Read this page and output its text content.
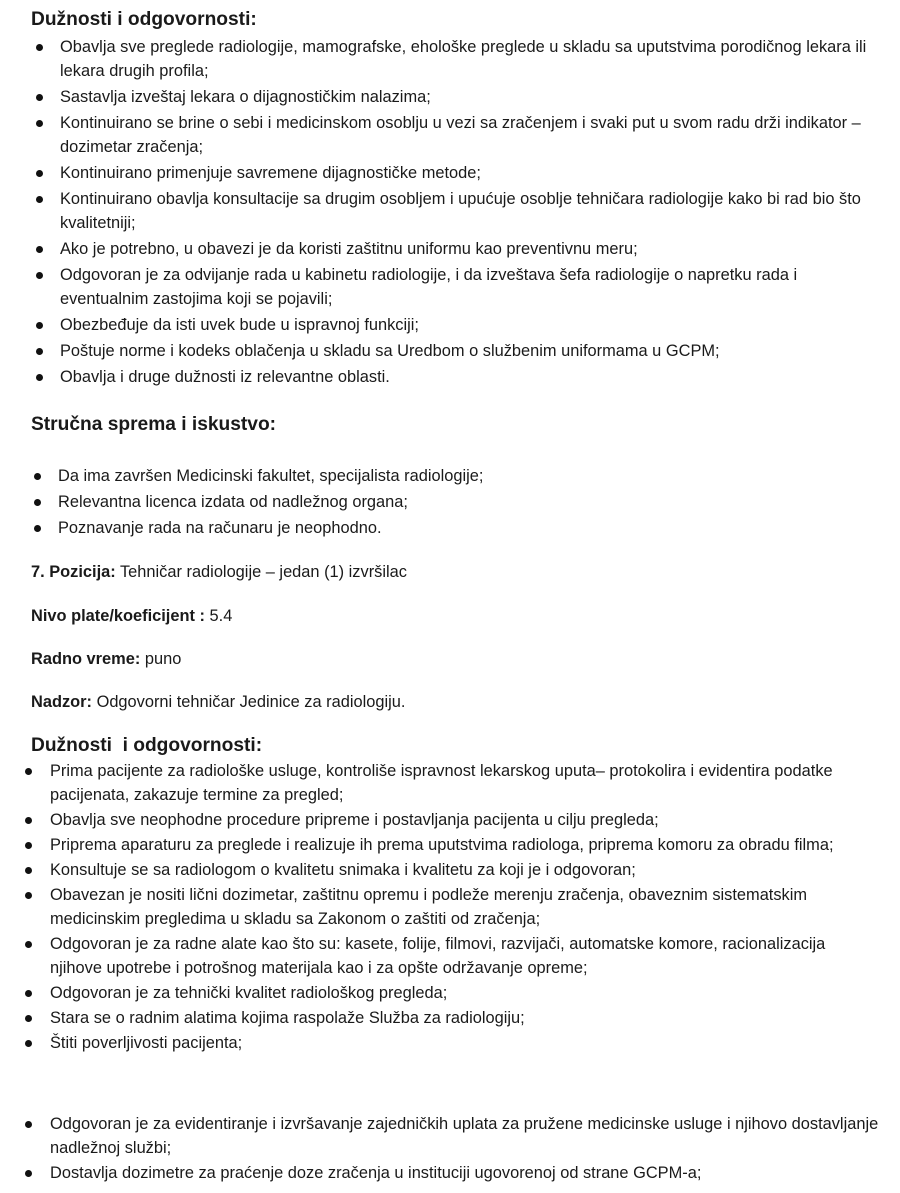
Dužnosti i odgovornosti:
Obavlja sve preglede radiologije, mamografske, ehološke preglede u skladu sa uputstvima porodičnog lekara ili lekara drugih profila;
Sastavlja izveštaj lekara o dijagnostičkim nalazima;
Kontinuirano se brine o sebi i medicinskom osoblju u vezi sa zračenjem i svaki put u svom radu drži indikator – dozimetar zračenja;
Kontinuirano primenjuje savremene dijagnostičke metode;
Kontinuirano obavlja konsultacije sa drugim osobljem i upućuje osoblje tehničara radiologije kako bi rad bio što kvalitetniji;
Ako je potrebno, u obavezi je da koristi zaštitnu uniformu kao preventivnu meru;
Odgovoran je za odvijanje rada u kabinetu radiologije, i da izveštava šefa radiologije o napretku rada i eventualnim zastojima koji se pojavili;
Obezbeđuje da isti uvek bude u ispravnoj funkciji;
Poštuje norme i kodeks oblačenja u skladu sa Uredbom o službenim uniformama u GCPM;
Obavlja i druge dužnosti iz relevantne oblasti.
Stručna sprema i iskustvo:
Da ima završen Medicinski fakultet, specijalista radiologije;
Relevantna licenca izdata od nadležnog organa;
Poznavanje rada na računaru je neophodno.
7. Pozicija: Tehničar radiologije – jedan (1) izvršilac
Nivo plate/koeficijent : 5.4
Radno vreme: puno
Nadzor: Odgovorni tehničar Jedinice za radiologiju.
Dužnosti  i odgovornosti:
Prima pacijente za radiološke usluge, kontroliše ispravnost lekarskog uputa– protokolira i evidentira podatke pacijenata, zakazuje termine za pregled;
Obavlja sve neophodne procedure pripreme i postavljanja pacijenta u cilju pregleda;
Priprema aparaturu za preglede i realizuje ih prema uputstvima radiologa, priprema komoru za obradu filma;
Konsultuje se sa radiologom o kvalitetu snimaka i kvalitetu za koji je i odgovoran;
Obavezan je nositi lični dozimetar, zaštitnu opremu i podleže merenju zračenja, obaveznim sistematskim medicinskim pregledima u skladu sa Zakonom o zaštiti od zračenja;
Odgovoran je za radne alate kao što su: kasete, folije, filmovi, razvijači, automatske komore, racionalizacija njihove upotrebe i potrošnog materijala kao i za opšte održavanje opreme;
Odgovoran je za tehnički kvalitet radiološkog pregleda;
Stara se o radnim alatima kojima raspolaže Služba za radiologiju;
Štiti poverljivosti pacijenta;
Odgovoran je za evidentiranje i izvršavanje zajedničkih uplata za pružene medicinske usluge i njihovo dostavljanje nadležnoj službi;
Dostavlja dozimetre za praćenje doze zračenja u instituciji ugovorenoj od strane GCPM-a;
